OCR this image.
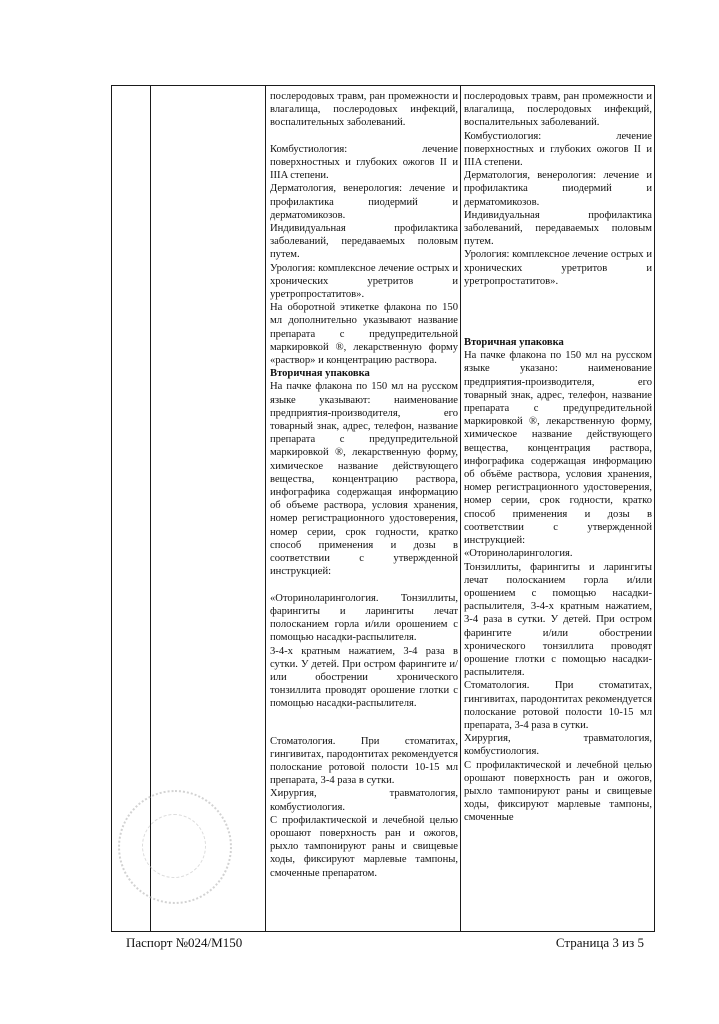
послеродовых травм, ран промежности и влагалища, послеродовых инфекций, воспалительных заболеваний.

Комбустиология: лечение поверхностных и глубоких ожогов II и IIIA степени.

Дерматология, венерология: лечение и профилактика пиодермий и дерматомикозов.

Индивидуальная профилактика заболеваний, передаваемых половым путем.

Урология: комплексное лечение острых и хронических уретритов и уретропростатитов».

На оборотной этикетке флакона по 150 мл дополнительно указывают название препарата с предупредительной маркировкой ®, лекарственную форму «раствор» и концентрацию раствора.

Вторичная упаковка

На пачке флакона по 150 мл на русском языке указывают: наименование предприятия-производителя, его товарный знак, адрес, телефон, название препарата с предупредительной маркировкой ®, лекарственную форму, химическое название действующего вещества, концентрацию раствора, инфографика содержащая информацию об объеме раствора, условия хранения, номер регистрационного удостоверения, номер серии, срок годности, кратко способ применения и дозы в соответствии с утвержденной инструкцией:

«Оториноларингология. Тонзиллиты, фарингиты и ларингиты лечат полосканием горла и/или орошением с помощью насадки-распылителя.

3-4-х кратным нажатием, 3-4 раза в сутки. У детей. При остром фарингите и/или обострении хронического тонзиллита проводят орошение глотки с помощью насадки-распылителя.

Стоматология. При стоматитах, гингивитах, пародонтитах рекомендуется полоскание ротовой полости 10-15 мл препарата, 3-4 раза в сутки.

Хирургия, травматология, комбустиология.

С профилактической и лечебной целью орошают поверхность ран и ожогов, рыхло тампонируют раны и свищевые ходы, фиксируют марлевые тампоны, смоченные препаратом.

послеродовых травм, ран промежности и влагалища, послеродовых инфекций, воспалительных заболеваний.

Комбустиология: лечение поверхностных и глубоких ожогов II и IIIA степени.

Дерматология, венерология: лечение и профилактика пиодермий и дерматомикозов.

Индивидуальная профилактика заболеваний, передаваемых половым путем.

Урология: комплексное лечение острых и хронических уретритов и уретропростатитов».

Вторичная упаковка

На пачке флакона по 150 мл на русском языке указано: наименование предприятия-производителя, его товарный знак, адрес, телефон, название препарата с предупредительной маркировкой ®, лекарственную форму, химическое название действующего вещества, концентрация раствора, инфографика содержащая информацию об объёме раствора, условия хранения, номер регистрационного удостоверения, номер серии, срок годности, кратко способ применения и дозы в соответствии с утвержденной инструкцией:

«Оториноларингология.

Тонзиллиты, фарингиты и ларингиты лечат полосканием горла и/или орошением с помощью насадки-распылителя, 3-4-х кратным нажатием, 3-4 раза в сутки. У детей. При остром фарингите и/или обострении хронического тонзиллита проводят орошение глотки с помощью насадки-распылителя.

Стоматология. При стоматитах, гингивитах, пародонтитах рекомендуется полоскание ротовой полости 10-15 мл препарата, 3-4 раза в сутки.

Хирургия, травматология, комбустиология.

С профилактической и лечебной целью орошают поверхность ран и ожогов, рыхло тампонируют раны и свищевые ходы, фиксируют марлевые тампоны, смоченные

Паспорт №024/M150	Страница 3 из 5
